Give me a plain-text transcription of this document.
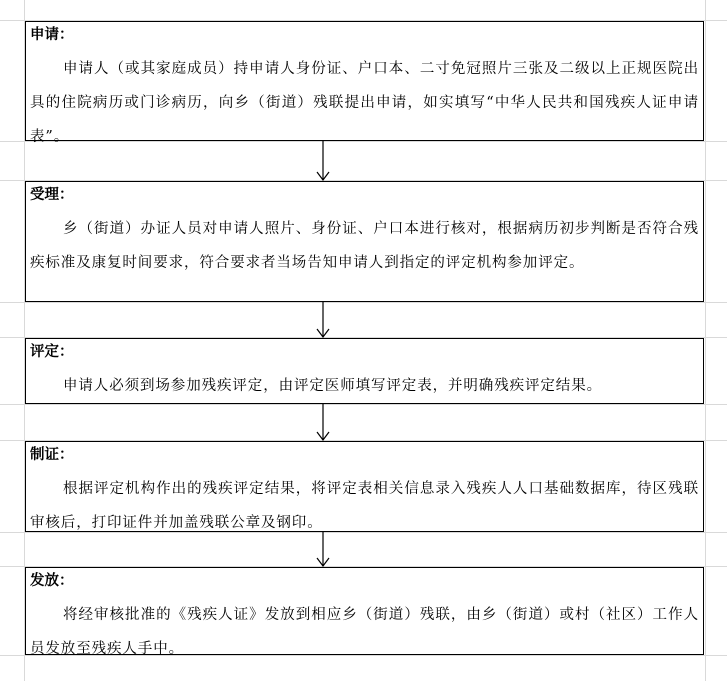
申请：
申请人（或其家庭成员）持申请人身份证、户口本、二寸免冠照片三张及二级以上正规医院出具的住院病历或门诊病历，向乡（街道）残联提出申请，如实填写“中华人民共和国残疾人证申请表”。
受理：
乡（街道）办证人员对申请人照片、身份证、户口本进行核对，根据病历初步判断是否符合残疾标准及康复时间要求，符合要求者当场告知申请人到指定的评定机构参加评定。
评定：
申请人必须到场参加残疾评定，由评定医师填写评定表，并明确残疾评定结果。
制证：
根据评定机构作出的残疾评定结果，将评定表相关信息录入残疾人人口基础数据库，待区残联审核后，打印证件并加盖残联公章及钢印。
发放：
将经审核批准的《残疾人证》发放到相应乡（街道）残联，由乡（街道）或村（社区）工作人员发放至残疾人手中。
